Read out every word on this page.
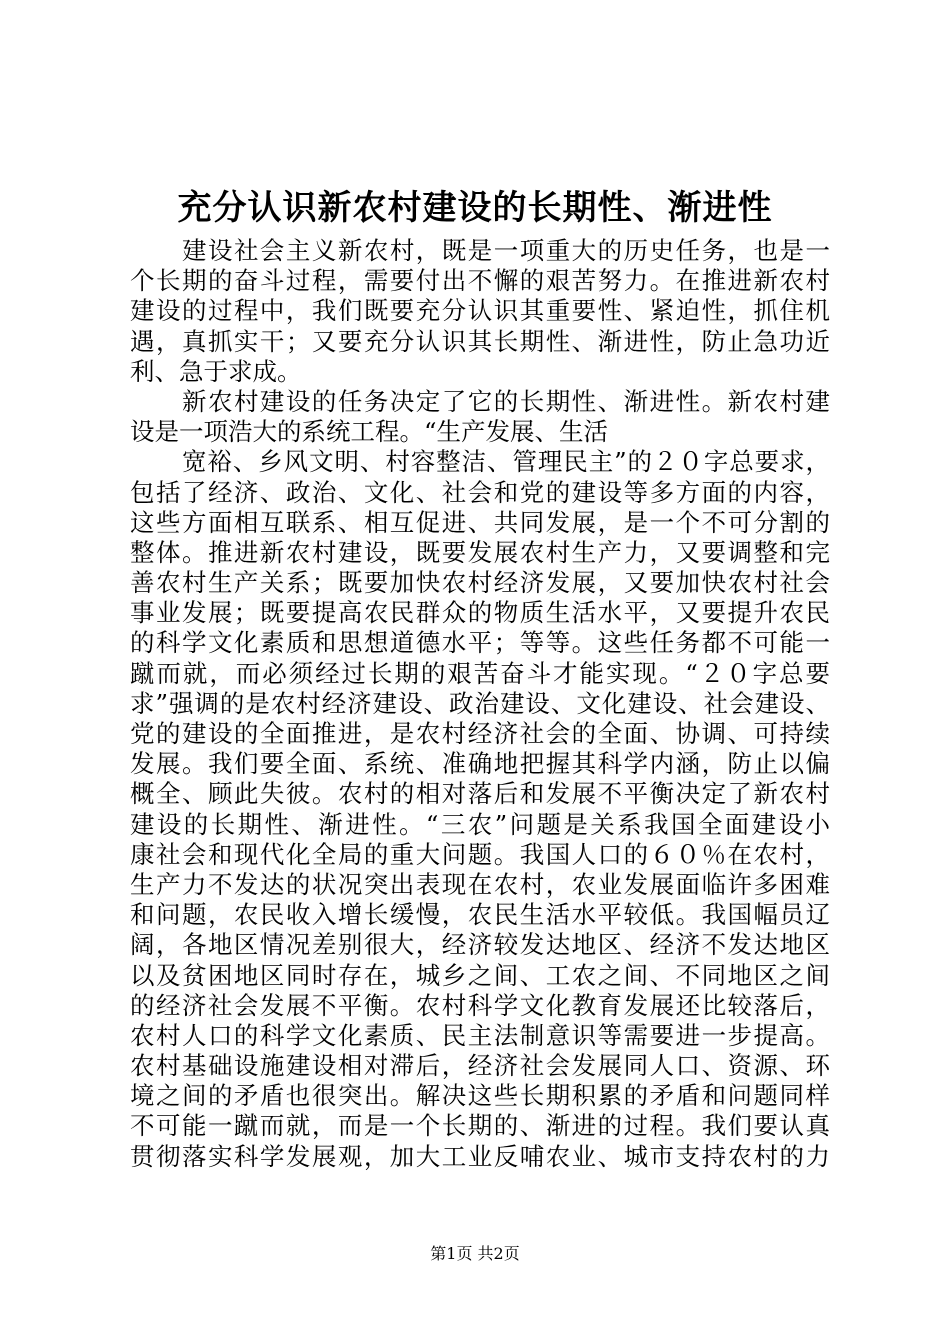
充分认识新农村建设的长期性、渐进性
建设社会主义新农村，既是一项重大的历史任务，也是一
个长期的奋斗过程，需要付出不懈的艰苦努力。在推进新农村
建设的过程中，我们既要充分认识其重要性、紧迫性，抓住机
遇，真抓实干；又要充分认识其长期性、渐进性，防止急功近
利、急于求成。
新农村建设的任务决定了它的长期性、渐进性。新农村建
设是一项浩大的系统工程。“生产发展、生活
宽裕、乡风文明、村容整洁、管理民主”的２０字总要求，
包括了经济、政治、文化、社会和党的建设等多方面的内容，
这些方面相互联系、相互促进、共同发展，是一个不可分割的
整体。推进新农村建设，既要发展农村生产力，又要调整和完
善农村生产关系；既要加快农村经济发展，又要加快农村社会
事业发展；既要提高农民群众的物质生活水平，又要提升农民
的科学文化素质和思想道德水平；等等。这些任务都不可能一
蹴而就，而必须经过长期的艰苦奋斗才能实现。“２０字总要
求”强调的是农村经济建设、政治建设、文化建设、社会建设、
党的建设的全面推进，是农村经济社会的全面、协调、可持续
发展。我们要全面、系统、准确地把握其科学内涵，防止以偏
概全、顾此失彼。农村的相对落后和发展不平衡决定了新农村
建设的长期性、渐进性。“三农”问题是关系我国全面建设小
康社会和现代化全局的重大问题。我国人口的６０％在农村，
生产力不发达的状况突出表现在农村，农业发展面临许多困难
和问题，农民收入增长缓慢，农民生活水平较低。我国幅员辽
阔，各地区情况差别很大，经济较发达地区、经济不发达地区
以及贫困地区同时存在，城乡之间、工农之间、不同地区之间
的经济社会发展不平衡。农村科学文化教育发展还比较落后，
农村人口的科学文化素质、民主法制意识等需要进一步提高。
农村基础设施建设相对滞后，经济社会发展同人口、资源、环
境之间的矛盾也很突出。解决这些长期积累的矛盾和问题同样
不可能一蹴而就，而是一个长期的、渐进的过程。我们要认真
贯彻落实科学发展观，加大工业反哺农业、城市支持农村的力
第1页 共2页
